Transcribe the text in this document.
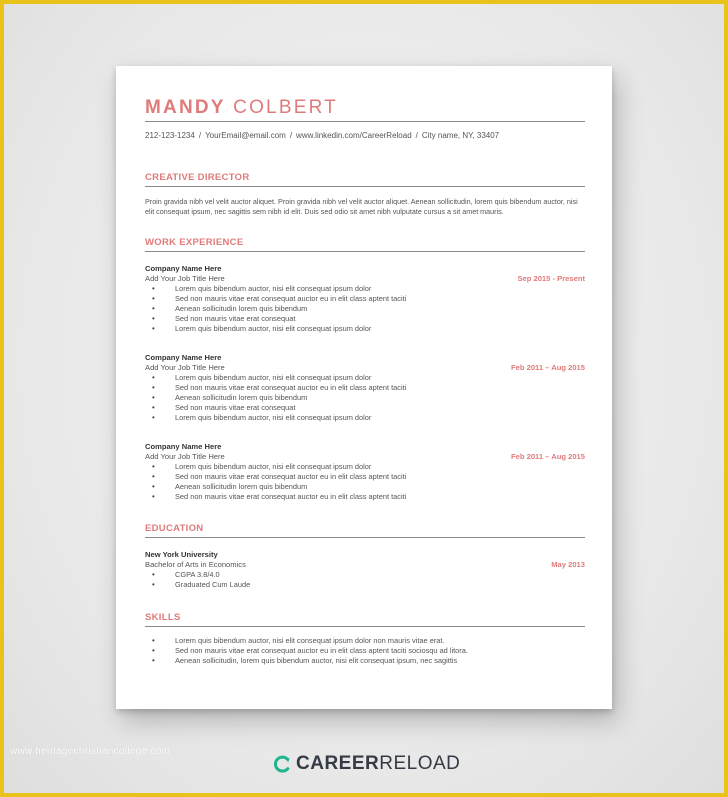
MANDY COLBERT
212-123-1234 / YourEmail@email.com / www.linkedin.com/CareerReload / City name, NY, 33407
CREATIVE DIRECTOR
Proin gravida nibh vel velit auctor aliquet. Proin gravida nibh vel velit auctor aliquet. Aenean sollicitudin, lorem quis bibendum auctor, nisi elit consequat ipsum, nec sagittis sem nibh id elit. Duis sed odio sit amet nibh vulputate cursus a sit amet mauris.
WORK EXPERIENCE
Company Name Here
Add Your Job Title Here	Sep 2015 - Present
• Lorem quis bibendum auctor, nisi elit consequat ipsum dolor
• Sed non mauris vitae erat consequat auctor eu in elit class aptent taciti
• Aenean sollicitudin lorem quis bibendum
• Sed non mauris vitae erat consequat
• Lorem quis bibendum auctor, nisi elit consequat ipsum dolor
Company Name Here
Add Your Job Title Here	Feb 2011 – Aug 2015
• Lorem quis bibendum auctor, nisi elit consequat ipsum dolor
• Sed non mauris vitae erat consequat auctor eu in elit class aptent taciti
• Aenean sollicitudin lorem quis bibendum
• Sed non mauris vitae erat consequat
• Lorem quis bibendum auctor, nisi elit consequat ipsum dolor
Company Name Here
Add Your Job Title Here	Feb 2011 – Aug 2015
• Lorem quis bibendum auctor, nisi elit consequat ipsum dolor
• Sed non mauris vitae erat consequat auctor eu in elit class aptent taciti
• Aenean sollicitudin lorem quis bibendum
• Sed non mauris vitae erat consequat auctor eu in elit class aptent taciti
EDUCATION
New York University
Bachelor of Arts in Economics	May 2013
• CGPA 3.8/4.0
• Graduated Cum Laude
SKILLS
• Lorem quis bibendum auctor, nisi elit consequat ipsum dolor non mauris vitae erat.
• Sed non mauris vitae erat consequat auctor eu in elit class aptent taciti sociosqu ad litora.
• Aenean sollicitudin, lorem quis bibendum auctor, nisi elit consequat ipsum, nec sagittis
www.heritagechristiancollege.com
CAREERRELOAD
